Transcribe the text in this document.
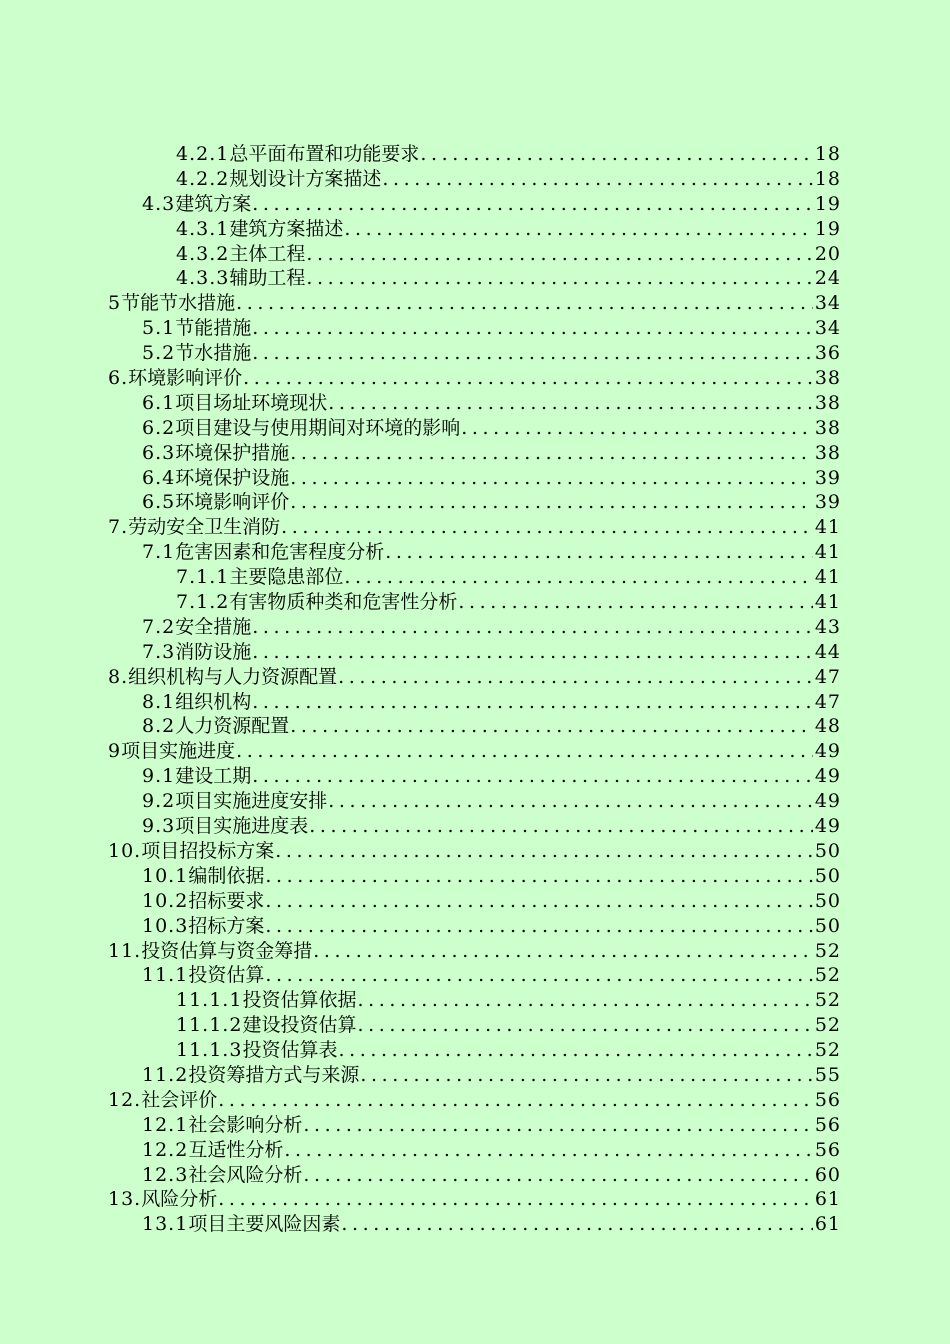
4.2.1总平面布置和功能要求 .....	18
4.2.2规划设计方案描述 .....	18
4.3建筑方案 .....	19
4.3.1建筑方案描述 .....	19
4.3.2主体工程 .....	20
4.3.3辅助工程 .....	24
5节能节水措施 .....	34
5.1节能措施 .....	34
5.2节水措施 .....	36
6.环境影响评价 .....	38
6.1项目场址环境现状 .....	38
6.2项目建设与使用期间对环境的影响 .....	38
6.3环境保护措施 .....	38
6.4环境保护设施 .....	39
6.5环境影响评价 .....	39
7.劳动安全卫生消防 .....	41
7.1危害因素和危害程度分析 .....	41
7.1.1主要隐患部位 .....	41
7.1.2有害物质种类和危害性分析 .....	41
7.2安全措施 .....	43
7.3消防设施 .....	44
8.组织机构与人力资源配置 .....	47
8.1组织机构 .....	47
8.2人力资源配置 .....	48
9项目实施进度 .....	49
9.1建设工期 .....	49
9.2项目实施进度安排 .....	49
9.3项目实施进度表 .....	49
10.项目招投标方案 .....	50
10.1编制依据 .....	50
10.2招标要求 .....	50
10.3招标方案 .....	50
11.投资估算与资金筹措 .....	52
11.1投资估算 .....	52
11.1.1投资估算依据 .....	52
11.1.2建设投资估算 .....	52
11.1.3投资估算表 .....	52
11.2投资筹措方式与来源 .....	55
12.社会评价 .....	56
12.1社会影响分析 .....	56
12.2互适性分析 .....	56
12.3社会风险分析 .....	60
13.风险分析 .....	61
13.1项目主要风险因素 .....	61
